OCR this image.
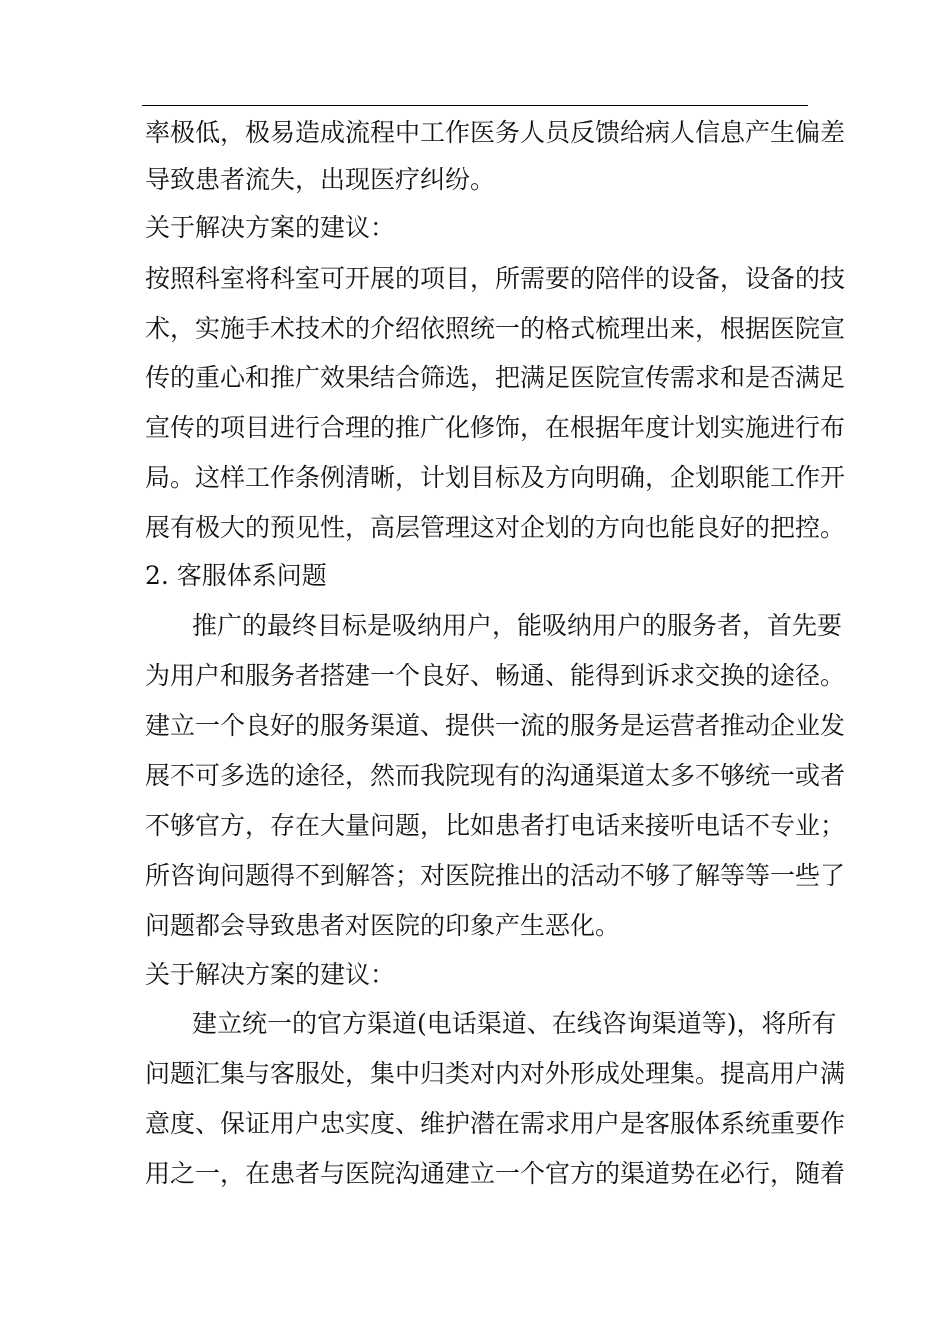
率极低，极易造成流程中工作医务人员反馈给病人信息产生偏差
导致患者流失，出现医疗纠纷。
关于解决方案的建议：
按照科室将科室可开展的项目，所需要的陪伴的设备，设备的技
术，实施手术技术的介绍依照统一的格式梳理出来，根据医院宣
传的重心和推广效果结合筛选，把满足医院宣传需求和是否满足
宣传的项目进行合理的推广化修饰，在根据年度计划实施进行布
局。这样工作条例清晰，计划目标及方向明确，企划职能工作开
展有极大的预见性，高层管理这对企划的方向也能良好的把控。
2. 客服体系问题
推广的最终目标是吸纳用户，能吸纳用户的服务者，首先要
为用户和服务者搭建一个良好、畅通、能得到诉求交换的途径。
建立一个良好的服务渠道、提供一流的服务是运营者推动企业发
展不可多选的途径，然而我院现有的沟通渠道太多不够统一或者
不够官方，存在大量问题，比如患者打电话来接听电话不专业；
所咨询问题得不到解答；对医院推出的活动不够了解等等一些了
问题都会导致患者对医院的印象产生恶化。
关于解决方案的建议：
建立统一的官方渠道(电话渠道、在线咨询渠道等)，将所有
问题汇集与客服处，集中归类对内对外形成处理集。提高用户满
意度、保证用户忠实度、维护潜在需求用户是客服体系统重要作
用之一，在患者与医院沟通建立一个官方的渠道势在必行，随着
